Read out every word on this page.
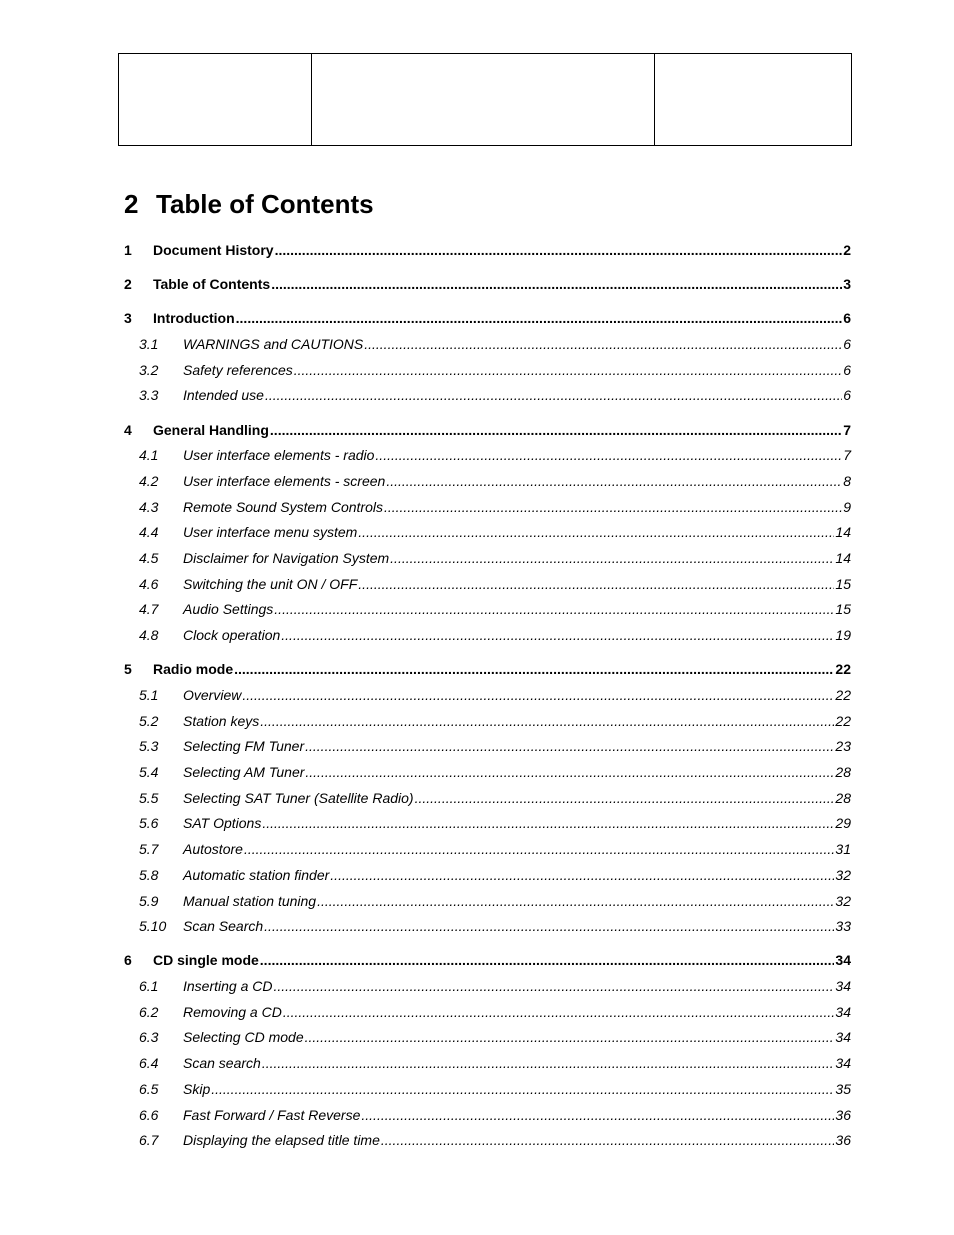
2 Table of Contents
1	Document History .....	2
2	Table of Contents .....	3
3	Introduction .....	6
3.1	WARNINGS and CAUTIONS .....	6
3.2	Safety references .....	6
3.3	Intended use .....	6
4	General Handling .....	7
4.1	User interface elements - radio .....	7
4.2	User interface elements - screen .....	8
4.3	Remote Sound System Controls .....	9
4.4	User interface menu system .....	14
4.5	Disclaimer for Navigation System .....	14
4.6	Switching the unit ON / OFF .....	15
4.7	Audio Settings .....	15
4.8	Clock operation .....	19
5	Radio mode .....	22
5.1	Overview .....	22
5.2	Station keys .....	22
5.3	Selecting FM Tuner .....	23
5.4	Selecting AM Tuner .....	28
5.5	Selecting SAT Tuner (Satellite Radio) .....	28
5.6	SAT Options .....	29
5.7	Autostore .....	31
5.8	Automatic station finder .....	32
5.9	Manual station tuning .....	32
5.10	Scan Search .....	33
6	CD single mode .....	34
6.1	Inserting a CD .....	34
6.2	Removing a CD .....	34
6.3	Selecting CD mode .....	34
6.4	Scan search .....	34
6.5	Skip .....	35
6.6	Fast Forward / Fast Reverse .....	36
6.7	Displaying the elapsed title time .....	36
